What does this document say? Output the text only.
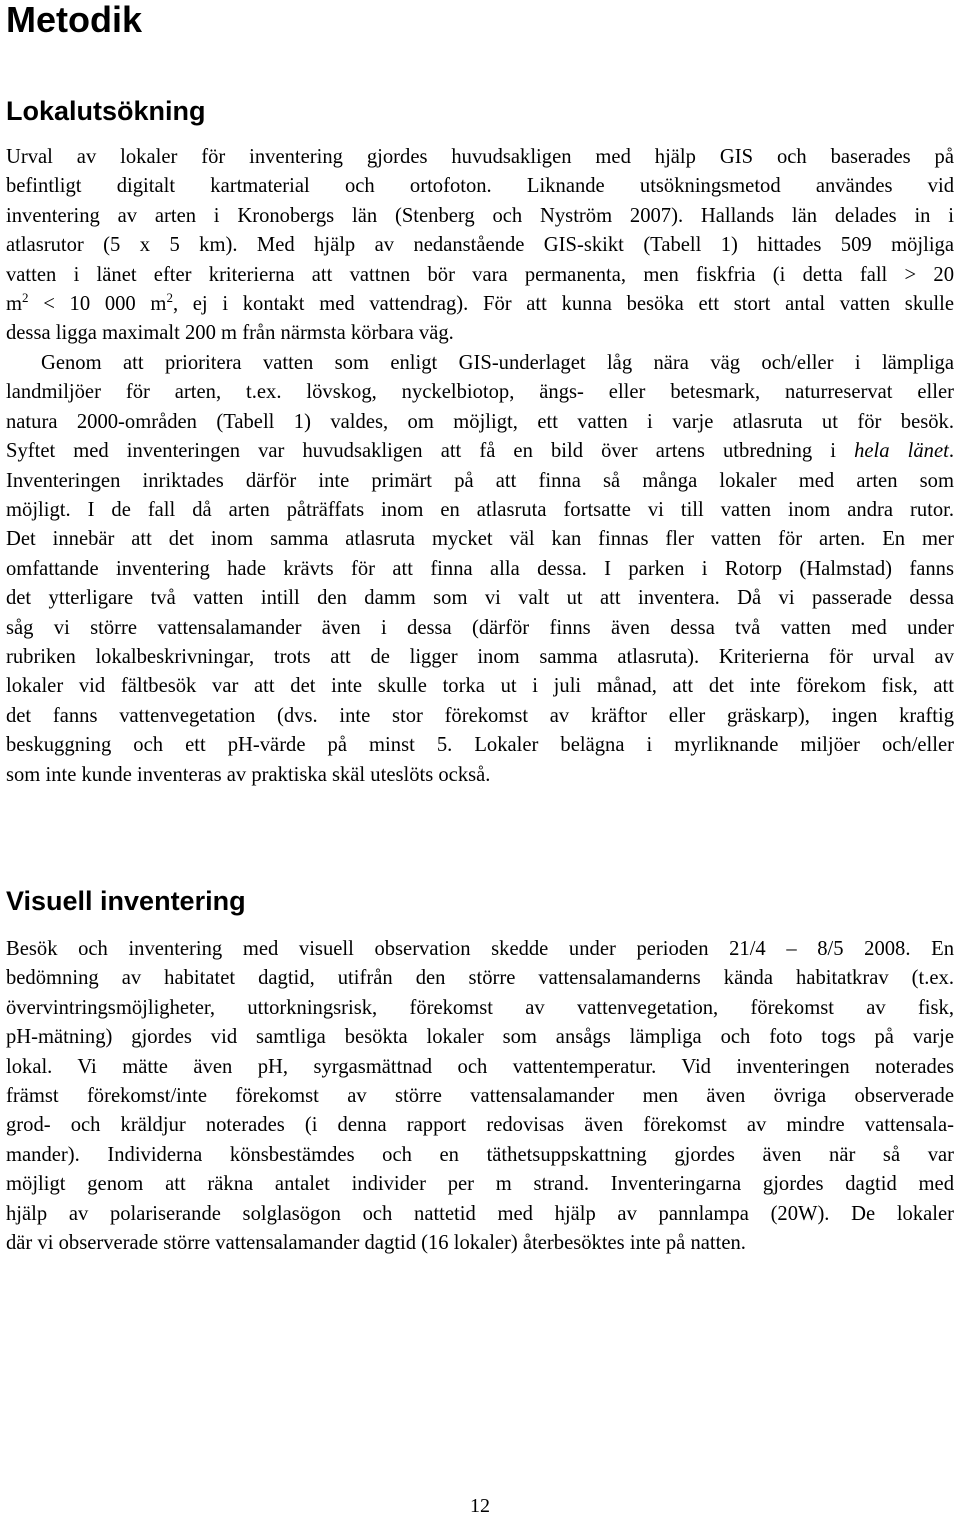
Metodik
Lokalutsökning

Urval av lokaler för inventering gjordes huvudsakligen med hjälp GIS och baserades på
befintligt digitalt kartmaterial och ortofoton. Liknande utsökningsmetod användes vid
inventering av arten i Kronobergs län (Stenberg och Nyström 2007). Hallands län delades in i
atlasrutor (5 x 5 km). Med hjälp av nedanstående GIS-skikt (Tabell 1) hittades 509 möjliga
vatten i länet efter kriterierna att vattnen bör vara permanenta, men fiskfria (i detta fall > 20
$m^2 < 10$ 000 $m^2$, ej i kontakt med vattendrag). För att kunna besöka ett stort antal vatten skulle
dessa ligga maximalt 200 m från närmsta körbara väg.

Genom att prioritera vatten som enligt GIS-underlaget låg nära väg och/eller i lämpliga
landmiljöer för arten, t.ex. lövskog, nyckelbiotop, ängs- eller betesmark, naturreservat eller
natura 2000-områden (Tabell 1) valdes, om möjligt, ett vatten i varje atlasruta ut för besök.
Syftet med inventeringen var huvudsakligen att få en bild över artens utbredning i hela länet.
Inventeringen inriktades därför inte primärt på att finna så många lokaler med arten som
möjligt. I de fall då arten påträffats inom en atlasruta fortsatte vi till vatten inom andra rutor.
Det innebär att det inom samma atlasruta mycket väl kan finnas fler vatten för arten. En mer
omfattande inventering hade krävts för att finna alla dessa. I parken i Rotorp (Halmstad) fanns
det ytterligare två vatten intill den damm som vi valt ut att inventera. Då vi passerade dessa
såg vi större vattensalamander även i dessa (därför finns även dessa två vatten med under
rubriken lokalbeskrivningar, trots att de ligger inom samma atlasruta). Kriterierna för urval av
lokaler vid fältbesök var att det inte skulle torka ut i juli månad, att det inte förekom fisk, att
det fanns vattenvegetation (dvs. inte stor förekomst av kräftor eller gräskarp), ingen kraftig
beskuggning och ett pH-värde på minst 5. Lokaler belägna i myrliknande miljöer och/eller
som inte kunde inventeras av praktiska skäl uteslöts också.

Visuell inventering

Besök och inventering med visuell observation skedde under perioden 21/4 – 8/5 2008. En
bedömning av habitatet dagtid, utifrån den större vattensalamanderns kända habitatkrav (t.ex.
övervintringsmöjligheter, uttorkningsrisk, förekomst av vattenvegetation, förekomst av fisk,
pH-mätning) gjordes vid samtliga besökta lokaler som ansågs lämpliga och foto togs på varje
lokal. Vi mätte även pH, syrgasmättnad och vattentemperatur. Vid inventeringen noterades
främst förekomst/inte förekomst av större vattensalamander men även övriga observerade
grod- och kräldjur noterades (i denna rapport redovisas även förekomst av mindre vattensala-
mander). Individerna könsbestämdes och en täthetsuppskattning gjordes även när så var
möjligt genom att räkna antalet individer per m strand. Inventeringarna gjordes dagtid med
hjälp av polariserande solglasögon och nattetid med hjälp av pannlampa (20W). De lokaler
där vi observerade större vattensalamander dagtid (16 lokaler) återbesöktes inte på natten.

12
